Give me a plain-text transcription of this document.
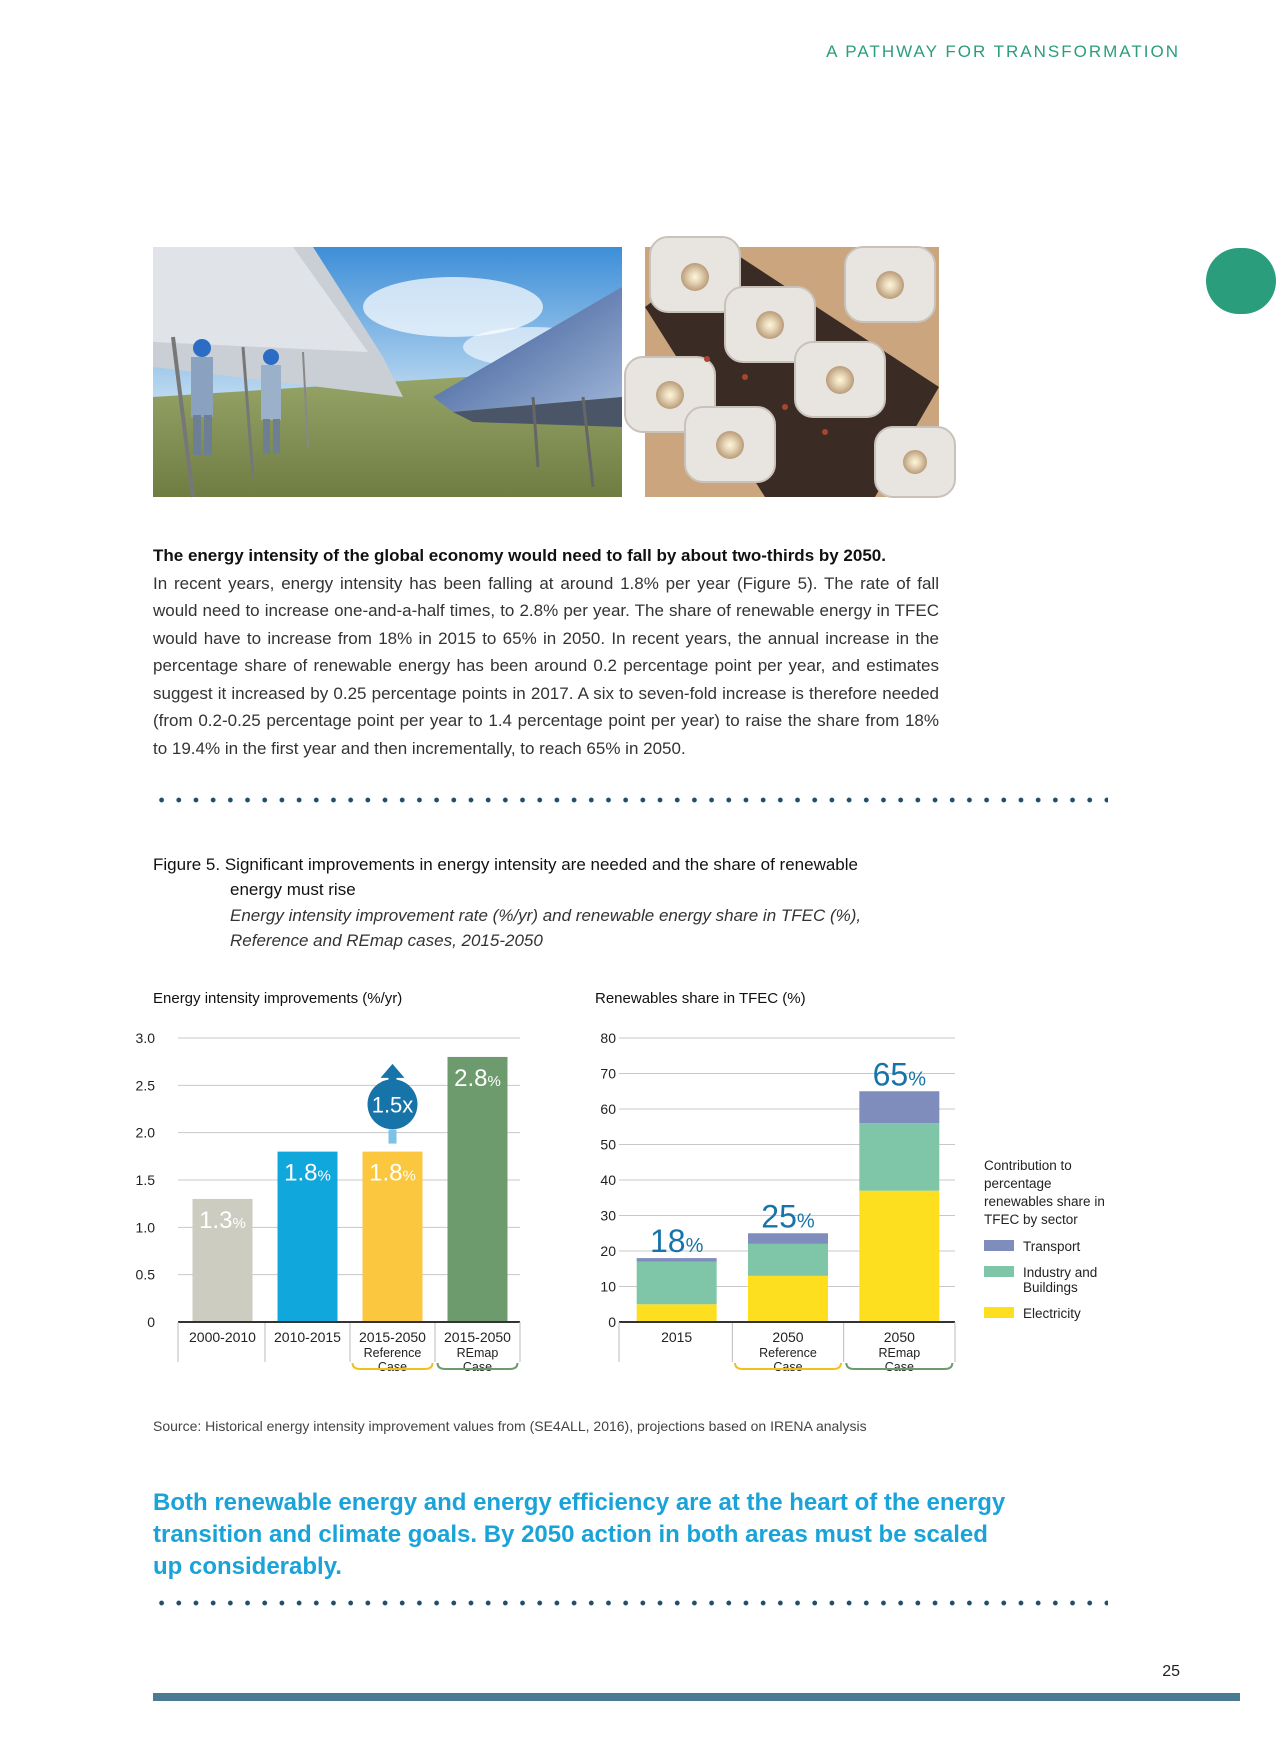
A PATHWAY FOR TRANSFORMATION
The energy intensity of the global economy would need to fall by about two-thirds by 2050.
In recent years, energy intensity has been falling at around 1.8% per year (Figure 5). The rate of fall would need to increase one-and-a-half times, to 2.8% per year. The share of renewable energy in TFEC would have to increase from 18% in 2015 to 65% in 2050. In recent years, the annual increase in the percentage share of renewable energy has been around 0.2 percentage point per year, and estimates suggest it increased by 0.25 percentage points in 2017. A six to seven-fold increase is therefore needed (from 0.2-0.25 percentage point per year to 1.4 percentage point per year) to raise the share from 18% to 19.4% in the first year and then incrementally, to reach 65% in 2050.
Figure 5. Significant improvements in energy intensity are needed and the share of renewable
energy must rise
Energy intensity improvement rate (%/yr) and renewable energy share in TFEC (%),
Reference and REmap cases, 2015-2050
Energy intensity improvements (%/yr)	Renewables share in TFEC (%)
0
0.5
1.0
1.5
2.0
2.5
3.0
1.3%
2000-2010
1.8%
2010-2015
1.8%
2015-2050
Reference
Case
2.8%
2015-2050
REmap
Case
1.5x
0
10
20
30
40
50
60
70
80
18%
2015
25%
2050
Reference
Case
65%
2050
REmap
Case
Contribution to
percentage
renewables share in
TFEC by sector
Transport
Industry and
Buildings
Electricity
Source: Historical energy intensity improvement values from (SE4ALL, 2016), projections based on IRENA analysis
Both renewable energy and energy efficiency are at the heart of the energy transition and climate goals. By 2050 action in both areas must be scaled up considerably.
25
